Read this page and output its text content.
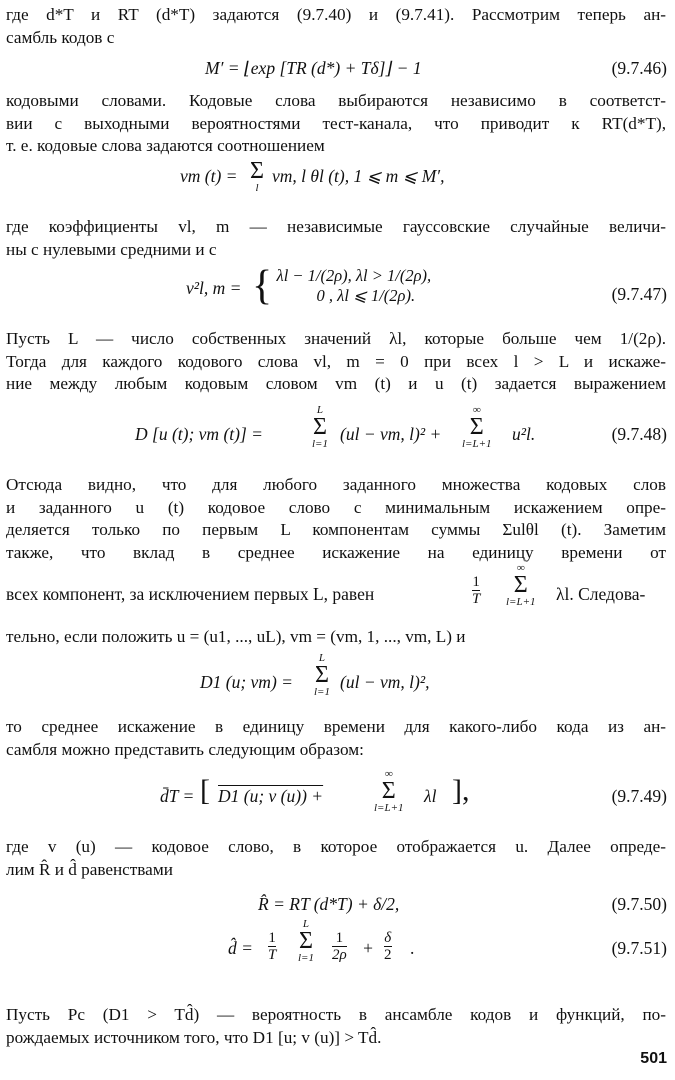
где d*T и RT (d*T) задаются (9.7.40) и (9.7.41). Рассмотрим теперь ан-
самбль кодов с
M′ = ⌊exp [TR (d*) + Tδ]⌋ − 1	(9.7.46)
кодовыми словами. Кодовые слова выбираются независимо в соответст-
вии с выходными вероятностями тест-канала, что приводит к RT(d*T),
т. е. кодовые слова задаются соотношением
vm (t) = Σ
l
vm, l θl (t), 1 ⩽ m ⩽ M′,
где коэффициенты vl, m — независимые гауссовские случайные величи-
ны с нулевыми средними и с
v²l, m = { λl − 1/(2ρ), λl > 1/(2ρ),
0 , λl ⩽ 1/(2ρ).	(9.7.47)
Пусть L — число собственных значений λl, которые больше чем 1/(2ρ).
Тогда для каждого кодового слова vl, m = 0 при всех l > L и искаже-
ние между любым кодовым словом vm (t) и u (t) задается выражением
D [u (t); vm (t)] =
L
Σ
l=1 (ul − vm, l)² +
∞
Σ
l=L+1 u²l.	(9.7.48)
Отсюда видно, что для любого заданного множества кодовых слов
и заданного u (t) кодовое слово с минимальным искажением опре-
деляется только по первым L компонентам суммы Σulθl (t). Заметим
также, что вклад в среднее искажение на единицу времени от
всех компонент, за исключением первых L, равен	$\frac{1}{T}$
∞
Σ
l=L+1 λl. Следова-
тельно, если положить u = (u1, ..., uL), vm = (vm, 1, ..., vm, L) и
D1 (u; vm) =
L
Σ
l=1 (ul − vm, l)²,
то среднее искажение в единицу времени для какого-либо кода из ан-
самбля можно представить следующим образом:
d̄T = [ D1 (u; v (u)) +
∞
Σ
l=L+1
λl ],	(9.7.49)
где v (u) — кодовое слово, в которое отображается u. Далее опреде-
лим R̂ и d̂ равенствами
R̂ = RT (d*T) + δ/2,	(9.7.50)
d̂ = $\frac{1}{T}$
L
Σ
$l=1 \frac{1}{2\rho} + \frac{\delta}{2}$ .	(9.7.51)
Пусть Pc (D1 > Td̂) — вероятность в ансамбле кодов и функций, по-
рождаемых источником того, что D1 [u; v (u)] > Td̂.
501
